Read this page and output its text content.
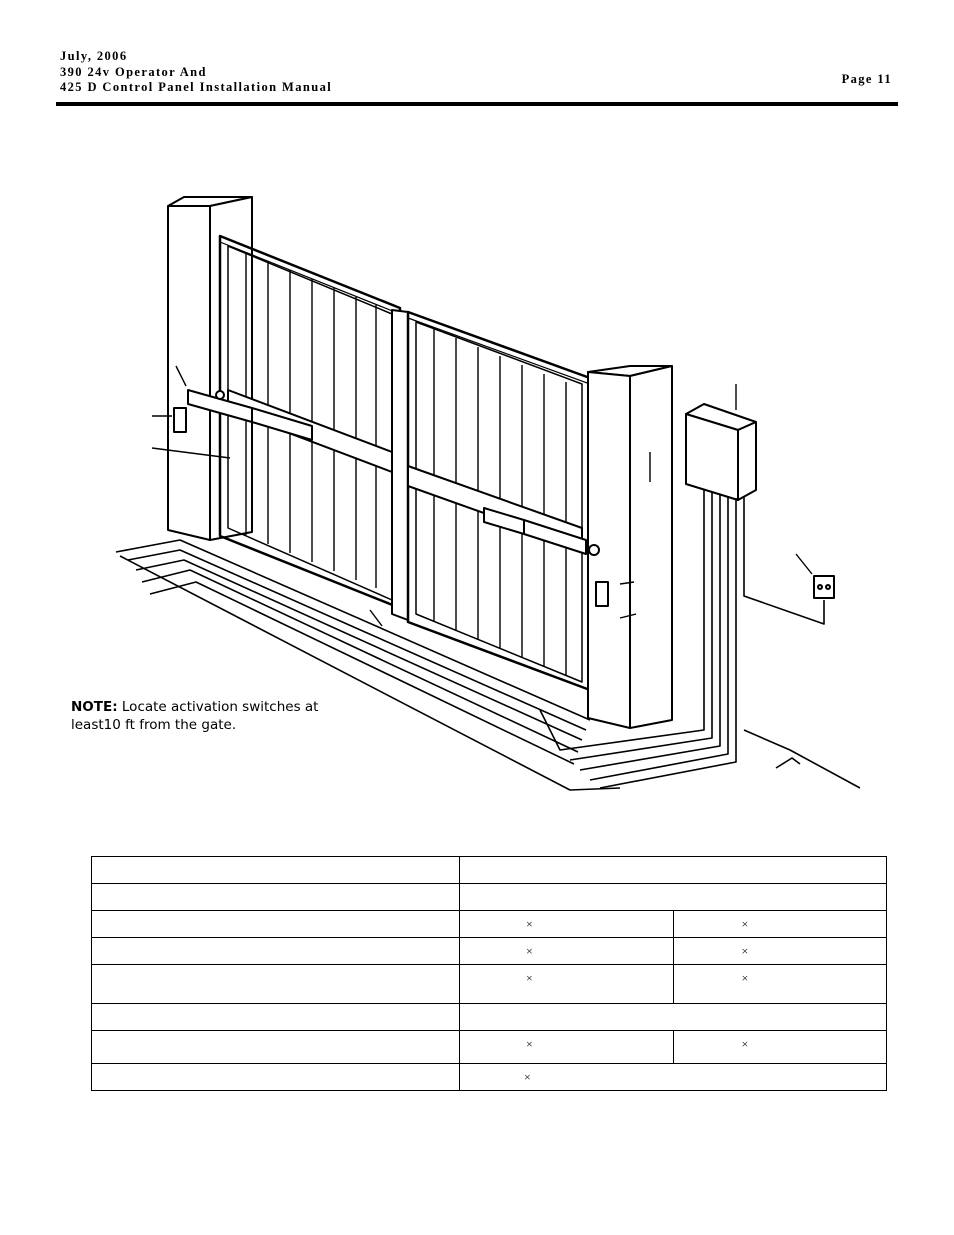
July, 2006
390 24v Operator And
425 D Control Panel Installation Manual
Page 11
NOTE: Locate activation switches at least10 ft from the gate.

	×	×

	×	×

	×	×

	×	×

	×	
